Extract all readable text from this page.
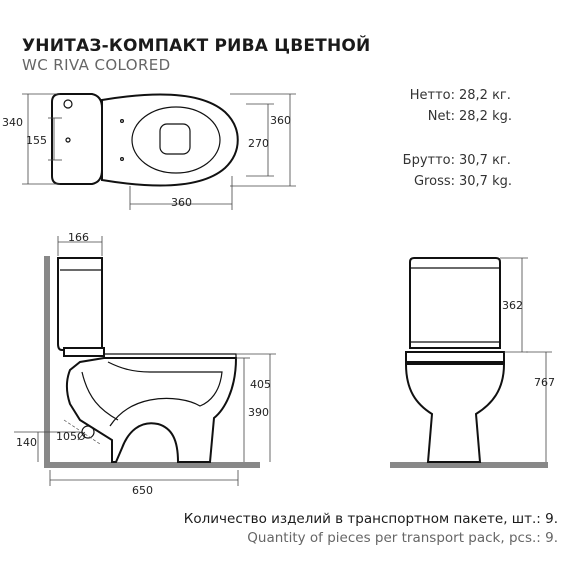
УНИТАЗ-КОМПАКТ РИВА ЦВЕТНОЙ
WC RIVA COLORED
Нетто: 28,2 кг.
Net: 28,2 kg.
Брутто: 30,7 кг.
Gross: 30,7 kg.
340
155
360
270
360
166
405
390
140 105Ø
650
362
767
Количество изделий в транспортном пакете, шт.: 9.
Quantity of pieces per transport pack, pcs.: 9.
